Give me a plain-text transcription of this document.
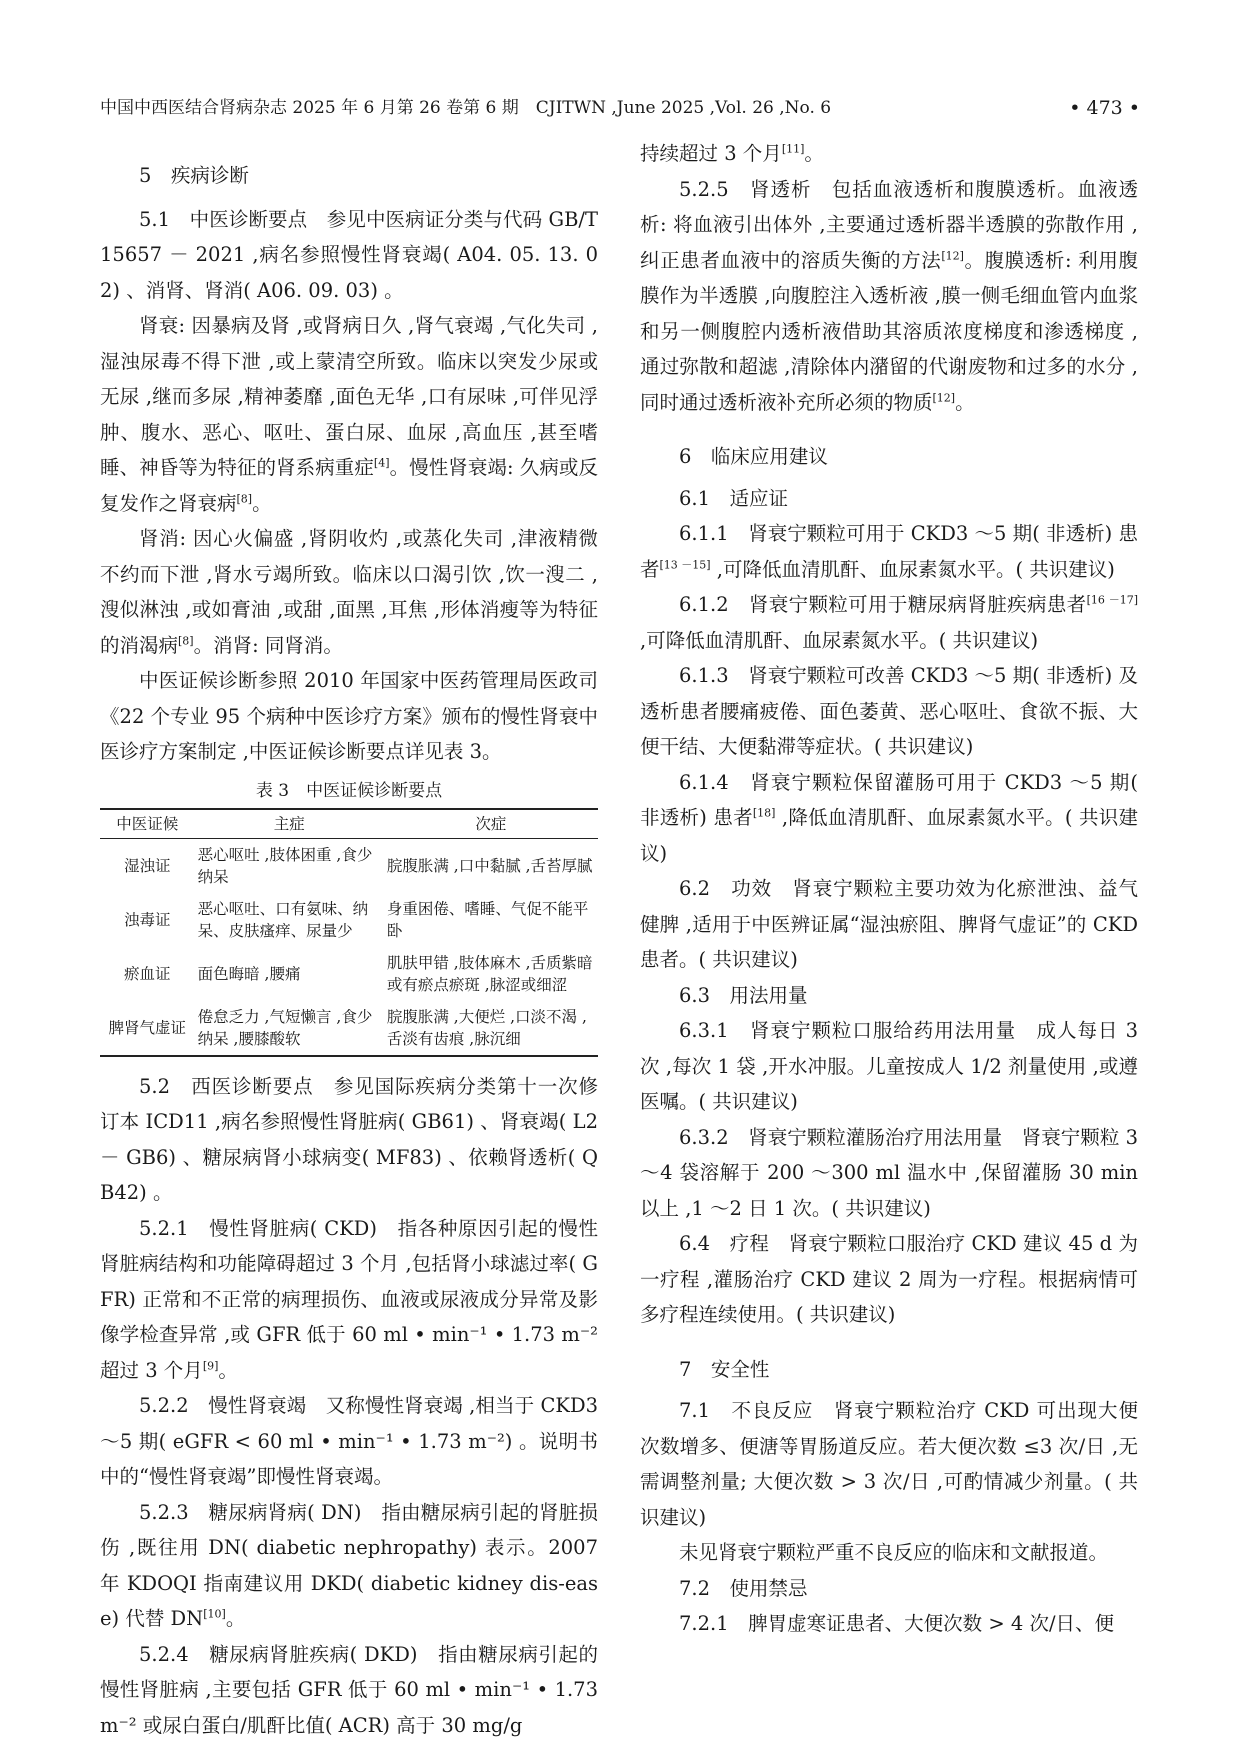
中国中西医结合肾病杂志 2025 年 6 月第 26 卷第 6 期　CJITWN ,June 2025 ,Vol. 26 ,No. 6	• 473 •
5　疾病诊断

5.1　中医诊断要点　参见中医病证分类与代码 GB/T 15657 － 2021 ,病名参照慢性肾衰竭( A04. 05. 13. 02) 、消肾、肾消( A06. 09. 03) 。

肾衰: 因暴病及肾 ,或肾病日久 ,肾气衰竭 ,气化失司 ,湿浊尿毒不得下泄 ,或上蒙清空所致。临床以突发少尿或无尿 ,继而多尿 ,精神萎靡 ,面色无华 ,口有尿味 ,可伴见浮肿、腹水、恶心、呕吐、蛋白尿、血尿 ,高血压 ,甚至嗜睡、神昏等为特征的肾系病重症[4]。慢性肾衰竭: 久病或反复发作之肾衰病[8]。

肾消: 因心火偏盛 ,肾阴收灼 ,或蒸化失司 ,津液精微不约而下泄 ,肾水亏竭所致。临床以口渴引饮 ,饮一溲二 ,溲似淋浊 ,或如膏油 ,或甜 ,面黑 ,耳焦 ,形体消瘦等为特征的消渴病[8]。消肾: 同肾消。

中医证候诊断参照 2010 年国家中医药管理局医政司《22 个专业 95 个病种中医诊疗方案》颁布的慢性肾衰中医诊疗方案制定 ,中医证候诊断要点详见表 3。

表 3　中医证候诊断要点
中医证候	主症	次症
湿浊证	恶心呕吐 ,肢体困重 ,食少纳呆	脘腹胀满 ,口中黏腻 ,舌苔厚腻
浊毒证	恶心呕吐、口有氨味、纳呆、皮肤瘙痒、尿量少	身重困倦、嗜睡、气促不能平卧
瘀血证	面色晦暗 ,腰痛	肌肤甲错 ,肢体麻木 ,舌质紫暗或有瘀点瘀斑 ,脉涩或细涩
脾肾气虚证	倦怠乏力 ,气短懒言 ,食少纳呆 ,腰膝酸软	脘腹胀满 ,大便烂 ,口淡不渴 ,舌淡有齿痕 ,脉沉细

5.2　西医诊断要点　参见国际疾病分类第十一次修订本 ICD11 ,病名参照慢性肾脏病( GB61) 、肾衰竭( L2 － GB6) 、糖尿病肾小球病变( MF83) 、依赖肾透析( QB42) 。

5.2.1　慢性肾脏病( CKD)　指各种原因引起的慢性肾脏病结构和功能障碍超过 3 个月 ,包括肾小球滤过率( GFR) 正常和不正常的病理损伤、血液或尿液成分异常及影像学检查异常 ,或 GFR 低于 60 ml • min⁻¹ • 1.73 m⁻² 超过 3 个月[9]。

5.2.2　慢性肾衰竭　又称慢性肾衰竭 ,相当于 CKD3 ～5 期( eGFR < 60 ml • min⁻¹ • 1.73 m⁻²) 。说明书中的“慢性肾衰竭”即慢性肾衰竭。

5.2.3　糖尿病肾病( DN)　指由糖尿病引起的肾脏损伤 ,既往用 DN( diabetic nephropathy) 表示。2007 年 KDOQI 指南建议用 DKD( diabetic kidney dis-ease) 代替 DN[10]。

5.2.4　糖尿病肾脏疾病( DKD)　指由糖尿病引起的慢性肾脏病 ,主要包括 GFR 低于 60 ml • min⁻¹ • 1.73 m⁻² 或尿白蛋白/肌酐比值( ACR) 高于 30 mg/g

持续超过 3 个月[11]。

5.2.5　肾透析　包括血液透析和腹膜透析。血液透析: 将血液引出体外 ,主要通过透析器半透膜的弥散作用 ,纠正患者血液中的溶质失衡的方法[12]。腹膜透析: 利用腹膜作为半透膜 ,向腹腔注入透析液 ,膜一侧毛细血管内血浆和另一侧腹腔内透析液借助其溶质浓度梯度和渗透梯度 ,通过弥散和超滤 ,清除体内潴留的代谢废物和过多的水分 ,同时通过透析液补充所必须的物质[12]。

6　临床应用建议
6.1　适应证

6.1.1　肾衰宁颗粒可用于 CKD3 ～5 期( 非透析) 患者[13 －15] ,可降低血清肌酐、血尿素氮水平。( 共识建议)

6.1.2　肾衰宁颗粒可用于糖尿病肾脏疾病患者[16 －17] ,可降低血清肌酐、血尿素氮水平。( 共识建议)

6.1.3　肾衰宁颗粒可改善 CKD3 ～5 期( 非透析) 及透析患者腰痛疲倦、面色萎黄、恶心呕吐、食欲不振、大便干结、大便黏滞等症状。( 共识建议)

6.1.4　肾衰宁颗粒保留灌肠可用于 CKD3 ～5 期( 非透析) 患者[18] ,降低血清肌酐、血尿素氮水平。( 共识建议)

6.2　功效　肾衰宁颗粒主要功效为化瘀泄浊、益气健脾 ,适用于中医辨证属“湿浊瘀阻、脾肾气虚证”的 CKD 患者。( 共识建议)

6.3　用法用量

6.3.1　肾衰宁颗粒口服给药用法用量　成人每日 3 次 ,每次 1 袋 ,开水冲服。儿童按成人 1/2 剂量使用 ,或遵医嘱。( 共识建议)

6.3.2　肾衰宁颗粒灌肠治疗用法用量　肾衰宁颗粒 3 ～4 袋溶解于 200 ～300 ml 温水中 ,保留灌肠 30 min 以上 ,1 ～2 日 1 次。( 共识建议)

6.4　疗程　肾衰宁颗粒口服治疗 CKD 建议 45 d 为一疗程 ,灌肠治疗 CKD 建议 2 周为一疗程。根据病情可多疗程连续使用。( 共识建议)

7　安全性

7.1　不良反应　肾衰宁颗粒治疗 CKD 可出现大便次数增多、便溏等胃肠道反应。若大便次数 ≤3 次/日 ,无需调整剂量; 大便次数 > 3 次/日 ,可酌情减少剂量。( 共识建议)

未见肾衰宁颗粒严重不良反应的临床和文献报道。

7.2　使用禁忌

7.2.1　脾胃虚寒证患者、大便次数 > 4 次/日、便
